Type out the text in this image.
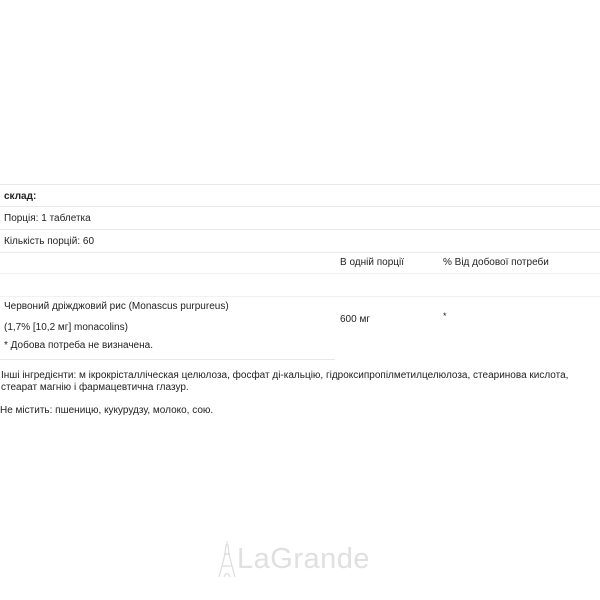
склад:
Порція: 1 таблетка
Кількість порцій: 60
В одній порції	% Від добової потреби
Червоний дріжджовий рис (Monascus purpureus)
(1,7% [10,2 мг] monacolins)
600 мг	*
* Добова потреба не визначена.
Інші інгредієнти: м ікрокрісталліческая целюлоза, фосфат ді-кальцію, гідроксипропілметилцелюлоза, стеаринова кислота, стеарат магнію і фармацевтична глазур.
Не містить: пшеницю, кукурудзу, молоко, сою.
LaGrande
